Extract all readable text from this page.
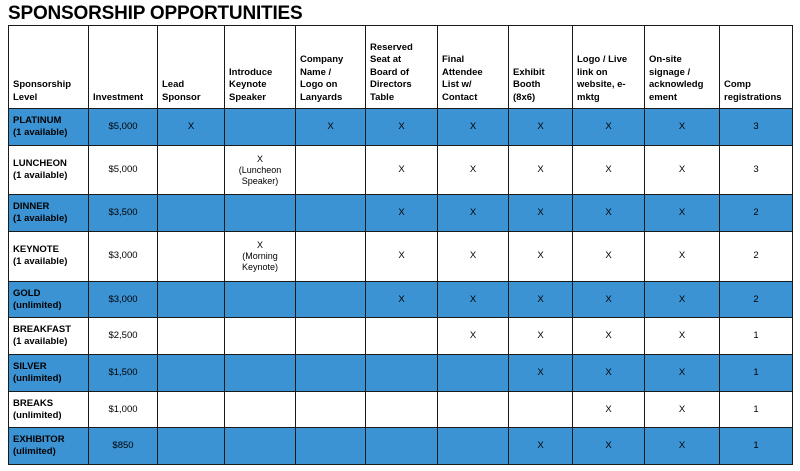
SPONSORSHIP OPPORTUNITIES
Sponsorship
Level	Investment	Lead
Sponsor	Introduce
Keynote
Speaker	Company
Name /
Logo on
Lanyards	Reserved
Seat at
Board of
Directors
Table	Final
Attendee
List w/
Contact	Exhibit
Booth
(8x6)	Logo / Live
link on
website, e-
mktg	On-site
signage /
acknowledg
ement	Comp
registrations

PLATINUM
(1 available)	$5,000	X		X	X	X	X	X	X	3

LUNCHEON
(1 available)	$5,000		X
(Luncheon
Speaker)		X	X	X	X	X	3

DINNER
(1 available)	$3,500				X	X	X	X	X	2

KEYNOTE
(1 available)	$3,000		X
(Morning
Keynote)		X	X	X	X	X	2

GOLD
(unlimited)	$3,000				X	X	X	X	X	2

BREAKFAST
(1 available)	$2,500					X	X	X	X	1

SILVER
(unlimited)	$1,500						X	X	X	1

BREAKS
(unlimited)	$1,000							X	X	1

EXHIBITOR
(ulimited)	$850						X	X	X	1
